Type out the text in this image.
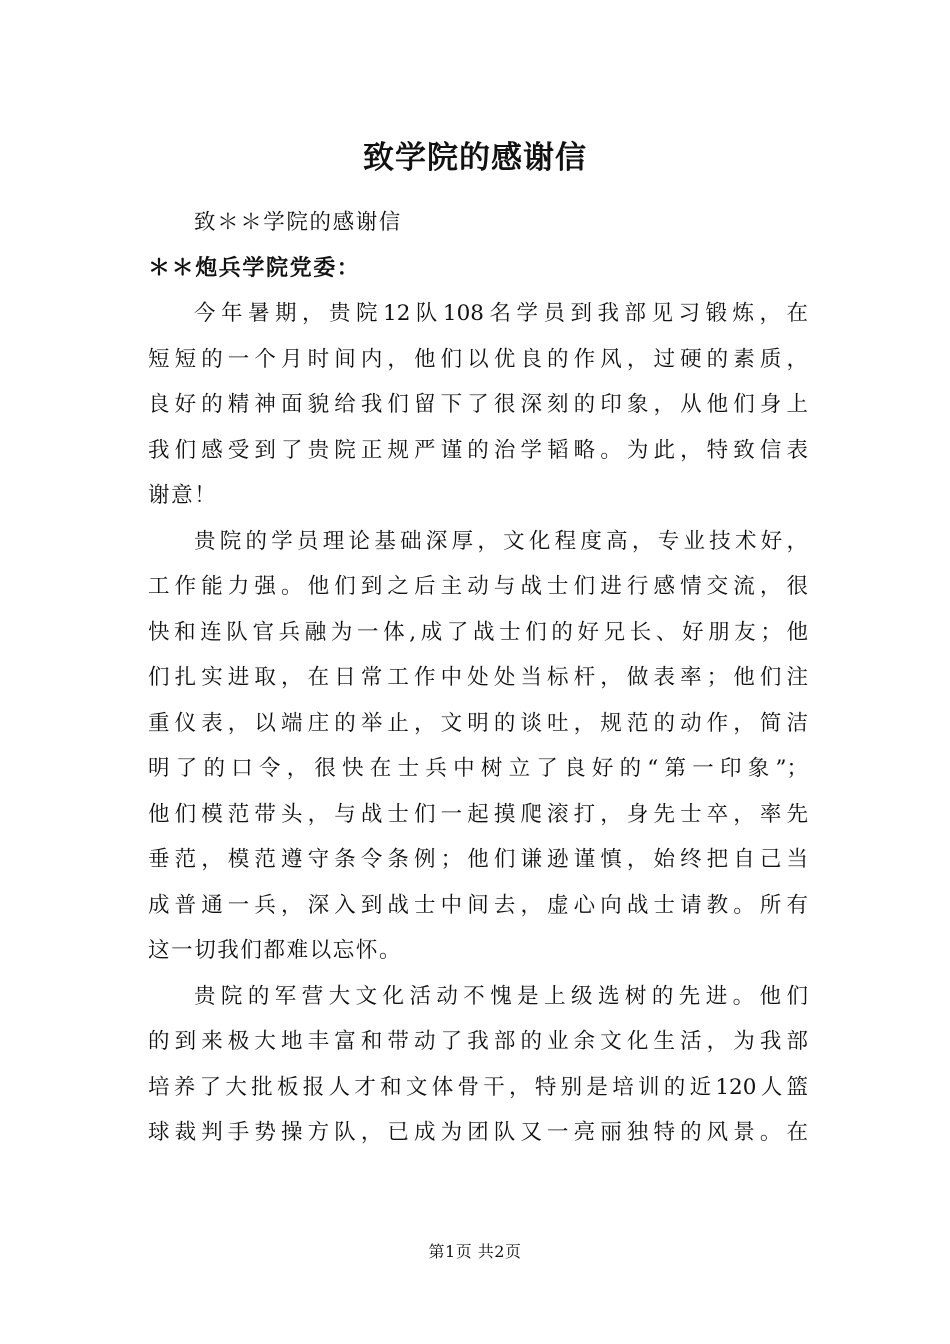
致学院的感谢信
致＊＊学院的感谢信
＊＊炮兵学院党委：
今年暑期，贵院12队108名学员到我部见习锻炼，在
短短的一个月时间内，他们以优良的作风，过硬的素质，
良好的精神面貌给我们留下了很深刻的印象，从他们身上
我们感受到了贵院正规严谨的治学韬略。为此，特致信表
谢意！
贵院的学员理论基础深厚，文化程度高，专业技术好，
工作能力强。他们到之后主动与战士们进行感情交流，很
快和连队官兵融为一体,成了战士们的好兄长、好朋友；他
们扎实进取，在日常工作中处处当标杆，做表率；他们注
重仪表，以端庄的举止，文明的谈吐，规范的动作，简洁
明了的口令，很快在士兵中树立了良好的“第一印象”；
他们模范带头，与战士们一起摸爬滚打，身先士卒，率先
垂范，模范遵守条令条例；他们谦逊谨慎，始终把自己当
成普通一兵，深入到战士中间去，虚心向战士请教。所有
这一切我们都难以忘怀。
贵院的军营大文化活动不愧是上级选树的先进。他们
的到来极大地丰富和带动了我部的业余文化生活，为我部
培养了大批板报人才和文体骨干，特别是培训的近120人篮
球裁判手势操方队，已成为团队又一亮丽独特的风景。在
第1页 共2页
